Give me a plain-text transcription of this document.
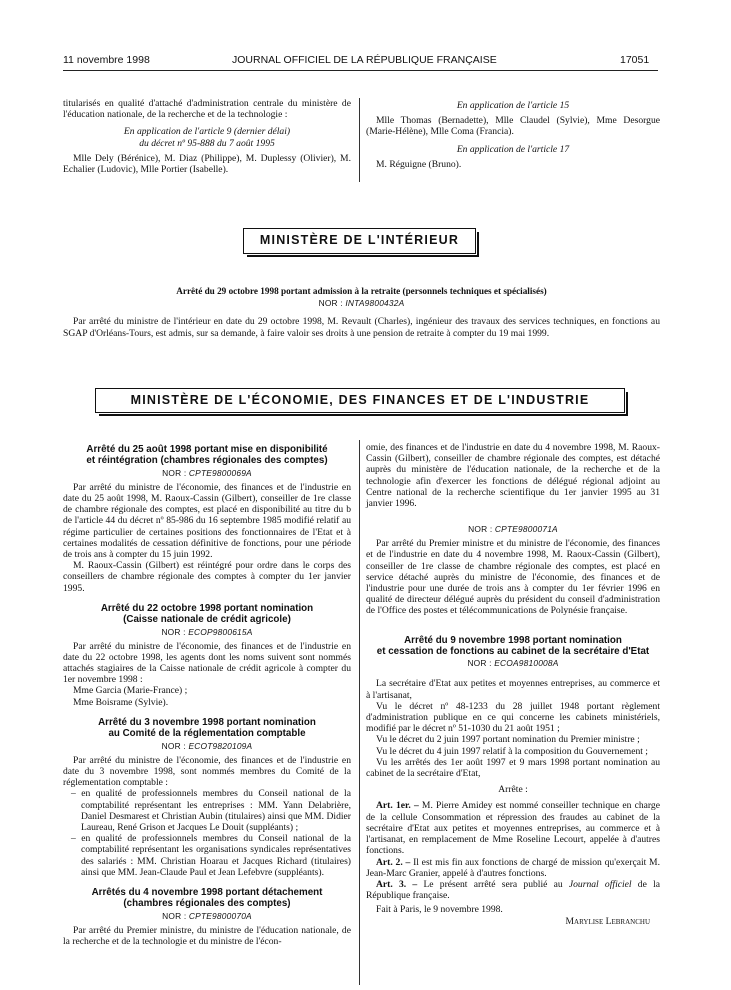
11 novembre 1998	JOURNAL OFFICIEL DE LA RÉPUBLIQUE FRANÇAISE	17051

titularisés en qualité d'attaché d'administration centrale du ministère de l'éducation nationale, de la recherche et de la technologie :

En application de l'article 9 (dernier délai)

du décret nº 95-888 du 7 août 1995

Mlle Dely (Bérénice), M. Diaz (Philippe), M. Duplessy (Olivier), M. Echalier (Ludovic), Mlle Portier (Isabelle).

En application de l'article 15

Mlle Thomas (Bernadette), Mlle Claudel (Sylvie), Mme Desorgue (Marie-Hélène), Mlle Coma (Francia).

En application de l'article 17

M. Réguigne (Bruno).

MINISTÈRE DE L'INTÉRIEUR

Arrêté du 29 octobre 1998 portant admission à la retraite (personnels techniques et spécialisés)

NOR : INTA9800432A

Par arrêté du ministre de l'intérieur en date du 29 octobre 1998, M. Revault (Charles), ingénieur des travaux des services techniques, en fonctions au SGAP d'Orléans-Tours, est admis, sur sa demande, à faire valoir ses droits à une pension de retraite à compter du 19 mai 1999.

MINISTÈRE DE L'ÉCONOMIE, DES FINANCES ET DE L'INDUSTRIE

Arrêté du 25 août 1998 portant mise en disponibilité

et réintégration (chambres régionales des comptes)

NOR : CPTE9800069A

Par arrêté du ministre de l'économie, des finances et de l'industrie en date du 25 août 1998, M. Raoux-Cassin (Gilbert), conseiller de 1re classe de chambre régionale des comptes, est placé en disponibilité au titre du b de l'article 44 du décret nº 85-986 du 16 septembre 1985 modifié relatif au régime particulier de certaines positions des fonctionnaires de l'Etat et à certaines modalités de cessation définitive de fonctions, pour une période de trois ans à compter du 15 juin 1992.

M. Raoux-Cassin (Gilbert) est réintégré pour ordre dans le corps des conseillers de chambre régionale des comptes à compter du 1er janvier 1995.

Arrêté du 22 octobre 1998 portant nomination

(Caisse nationale de crédit agricole)

NOR : ECOP9800615A

Par arrêté du ministre de l'économie, des finances et de l'industrie en date du 22 octobre 1998, les agents dont les noms suivent sont nommés attachés stagiaires de la Caisse nationale de crédit agricole à compter du 1er novembre 1998 :

Mme Garcia (Marie-France) ;

Mme Boisrame (Sylvie).

Arrêté du 3 novembre 1998 portant nomination

au Comité de la réglementation comptable

NOR : ECOT9820109A

Par arrêté du ministre de l'économie, des finances et de l'industrie en date du 3 novembre 1998, sont nommés membres du Comité de la réglementation comptable :

– en qualité de professionnels membres du Conseil national de la comptabilité représentant les entreprises : MM. Yann Delabrière, Daniel Desmarest et Christian Aubin (titulaires) ainsi que MM. Didier Laureau, René Grison et Jacques Le Douit (suppléants) ;
– en qualité de professionnels membres du Conseil national de la comptabilité représentant les organisations syndicales représentatives des salariés : MM. Christian Hoarau et Jacques Richard (titulaires) ainsi que MM. Jean-Claude Paul et Jean Lefebvre (suppléants).

Arrêtés du 4 novembre 1998 portant détachement

(chambres régionales des comptes)

NOR : CPTE9800070A

Par arrêté du Premier ministre, du ministre de l'éducation nationale, de la recherche et de la technologie et du ministre de l'écon-

omie, des finances et de l'industrie en date du 4 novembre 1998, M. Raoux-Cassin (Gilbert), conseiller de chambre régionale des comptes, est détaché auprès du ministère de l'éducation nationale, de la recherche et de la technologie afin d'exercer les fonctions de délégué régional adjoint au Centre national de la recherche scientifique du 1er janvier 1995 au 31 janvier 1996.

NOR : CPTE9800071A

Par arrêté du Premier ministre et du ministre de l'économie, des finances et de l'industrie en date du 4 novembre 1998, M. Raoux-Cassin (Gilbert), conseiller de 1re classe de chambre régionale des comptes, est placé en service détaché auprès du ministre de l'économie, des finances et de l'industrie pour une durée de trois ans à compter du 1er février 1996 en qualité de directeur délégué auprès du président du conseil d'administration de l'Office des postes et télécommunications de Polynésie française.

Arrêté du 9 novembre 1998 portant nomination

et cessation de fonctions au cabinet de la secrétaire d'Etat

NOR : ECOA9810008A

La secrétaire d'Etat aux petites et moyennes entreprises, au commerce et à l'artisanat,

Vu le décret nº 48-1233 du 28 juillet 1948 portant règlement d'administration publique en ce qui concerne les cabinets ministériels, modifié par le décret nº 51-1030 du 21 août 1951 ;

Vu le décret du 2 juin 1997 portant nomination du Premier ministre ;

Vu le décret du 4 juin 1997 relatif à la composition du Gouvernement ;

Vu les arrêtés des 1er août 1997 et 9 mars 1998 portant nomination au cabinet de la secrétaire d'Etat,

Arrête :

Art. 1er. – M. Pierre Amidey est nommé conseiller technique en charge de la cellule Consommation et répression des fraudes au cabinet de la secrétaire d'Etat aux petites et moyennes entreprises, au commerce et à l'artisanat, en remplacement de Mme Roseline Lecourt, appelée à d'autres fonctions.

Art. 2. – Il est mis fin aux fonctions de chargé de mission qu'exerçait M. Jean-Marc Granier, appelé à d'autres fonctions.

Art. 3. – Le présent arrêté sera publié au Journal officiel de la République française.

Fait à Paris, le 9 novembre 1998.

Marylise Lebranchu
